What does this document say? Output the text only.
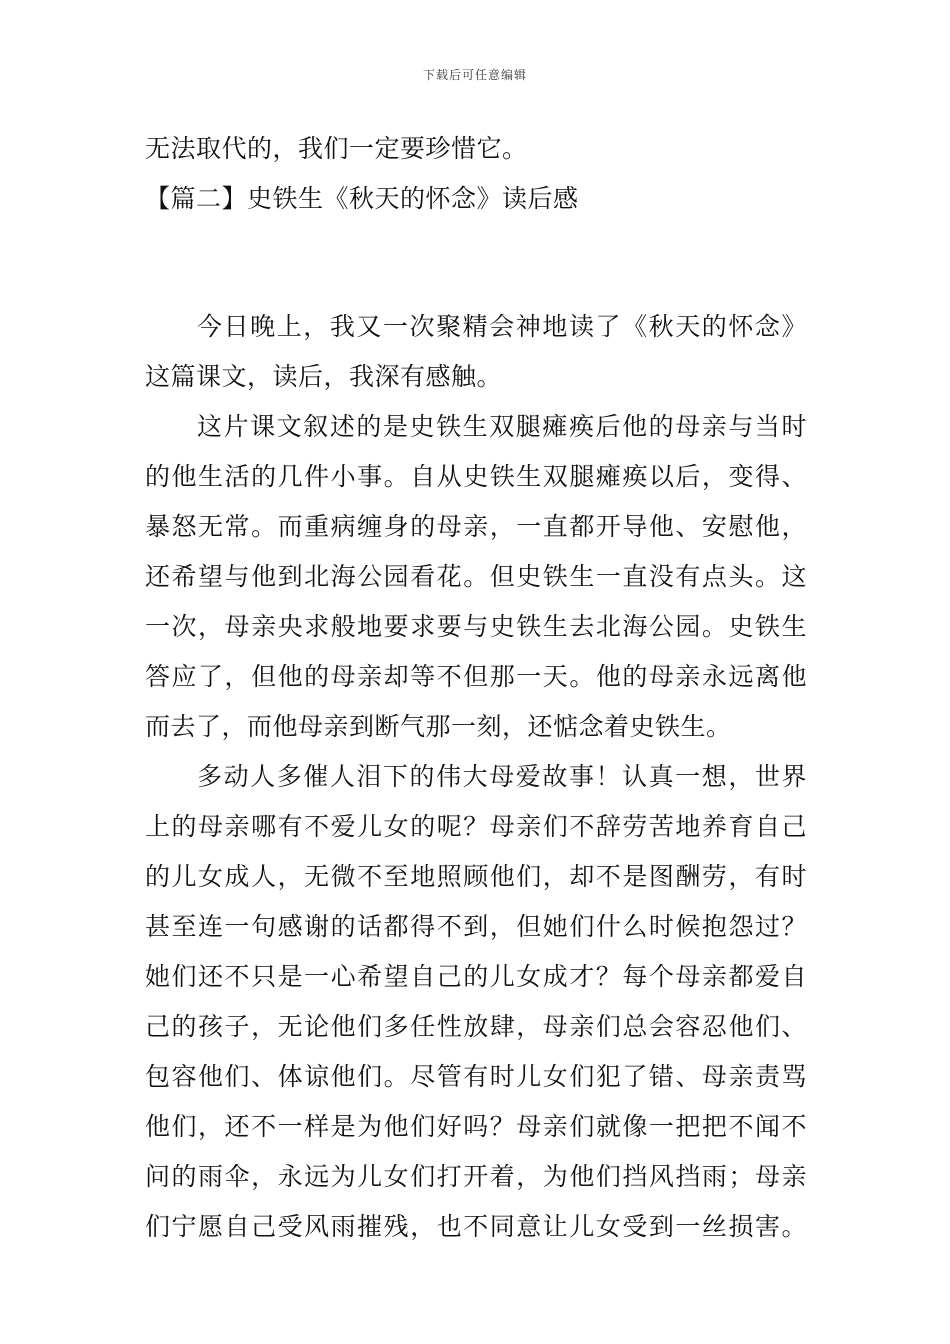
下载后可任意编辑
无法取代的，我们一定要珍惜它。
【篇二】史铁生《秋天的怀念》读后感
今日晚上，我又一次聚精会神地读了《秋天的怀念》
这篇课文，读后，我深有感触。
这片课文叙述的是史铁生双腿瘫痪后他的母亲与当时
的他生活的几件小事。自从史铁生双腿瘫痪以后，变得、
暴怒无常。而重病缠身的母亲，一直都开导他、安慰他，
还希望与他到北海公园看花。但史铁生一直没有点头。这
一次，母亲央求般地要求要与史铁生去北海公园。史铁生
答应了，但他的母亲却等不但那一天。他的母亲永远离他
而去了，而他母亲到断气那一刻，还惦念着史铁生。
多动人多催人泪下的伟大母爱故事！认真一想，世界
上的母亲哪有不爱儿女的呢？母亲们不辞劳苦地养育自己
的儿女成人，无微不至地照顾他们，却不是图酬劳，有时
甚至连一句感谢的话都得不到，但她们什么时候抱怨过？
她们还不只是一心希望自己的儿女成才？每个母亲都爱自
己的孩子，无论他们多任性放肆，母亲们总会容忍他们、
包容他们、体谅他们。尽管有时儿女们犯了错、母亲责骂
他们，还不一样是为他们好吗？母亲们就像一把把不闻不
问的雨伞，永远为儿女们打开着，为他们挡风挡雨；母亲
们宁愿自己受风雨摧残，也不同意让儿女受到一丝损害。
